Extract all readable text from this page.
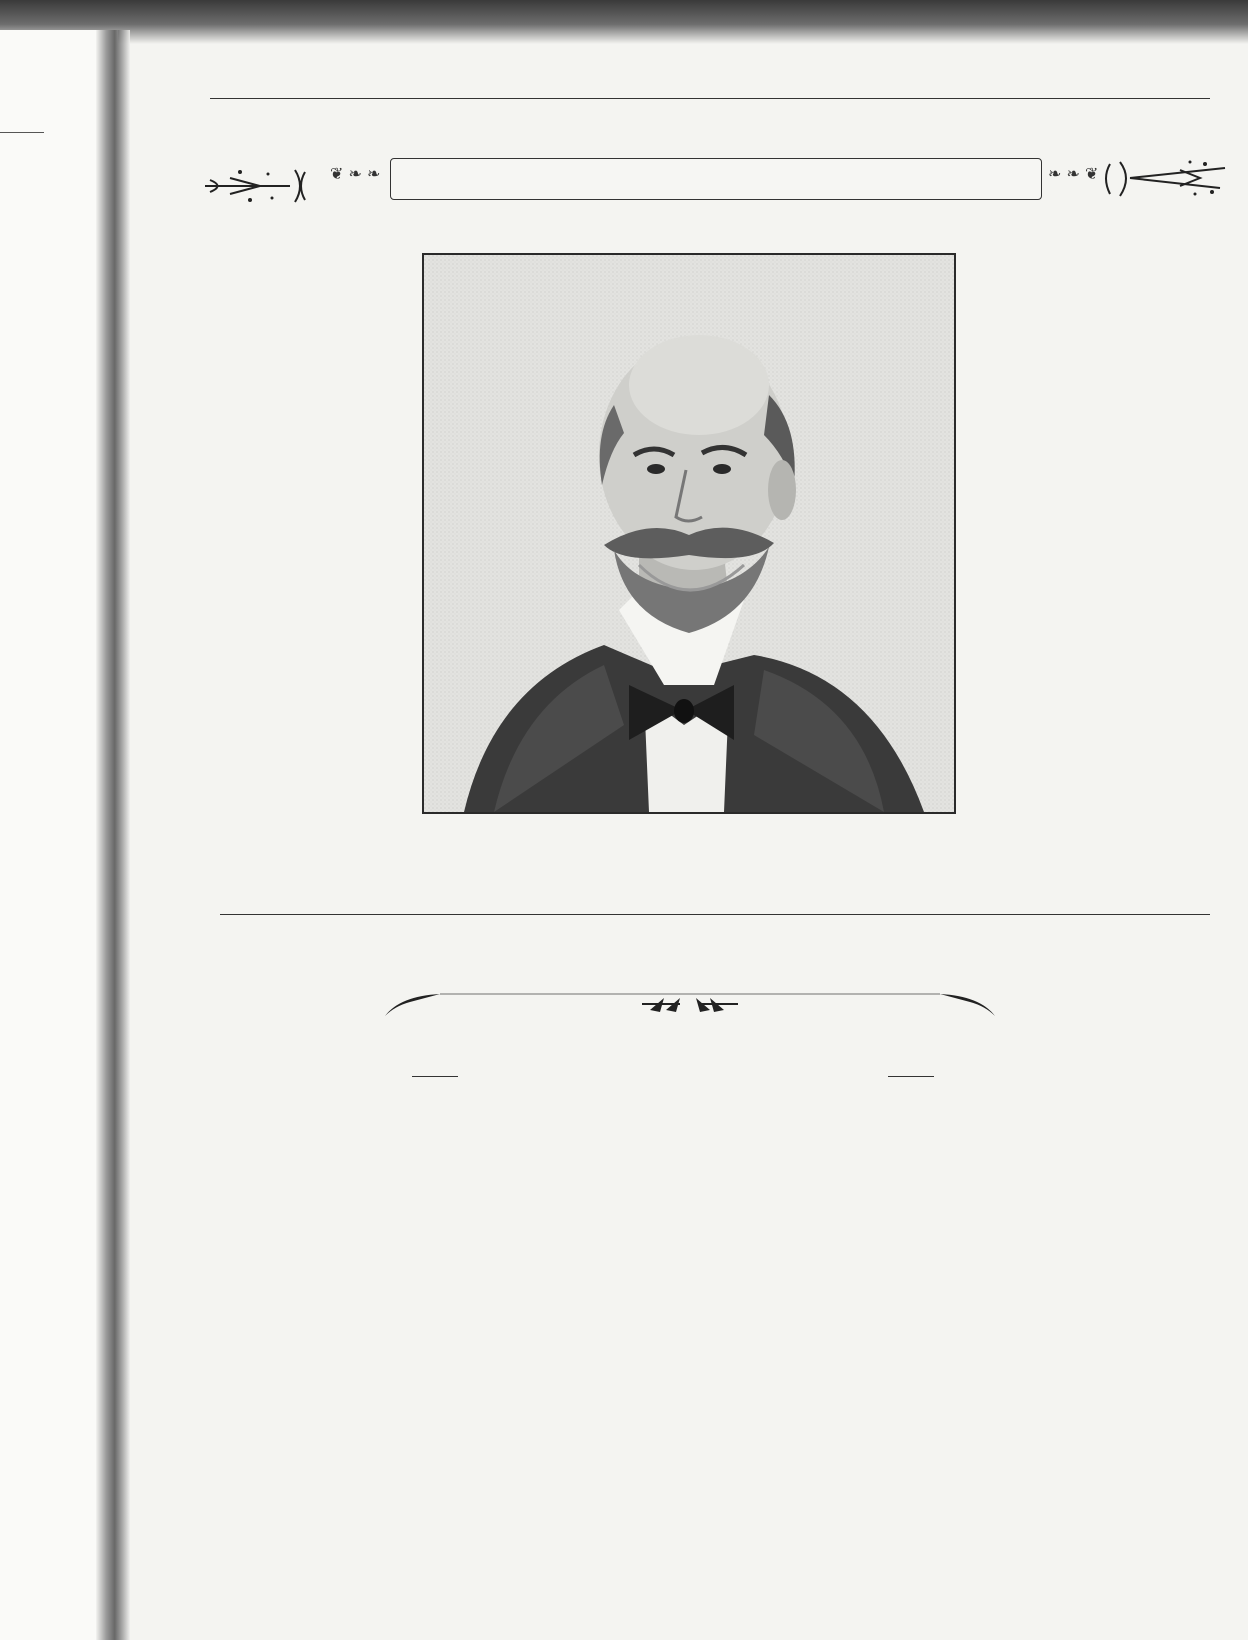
❦ ❧ ❧	❧ ❧ ❦
